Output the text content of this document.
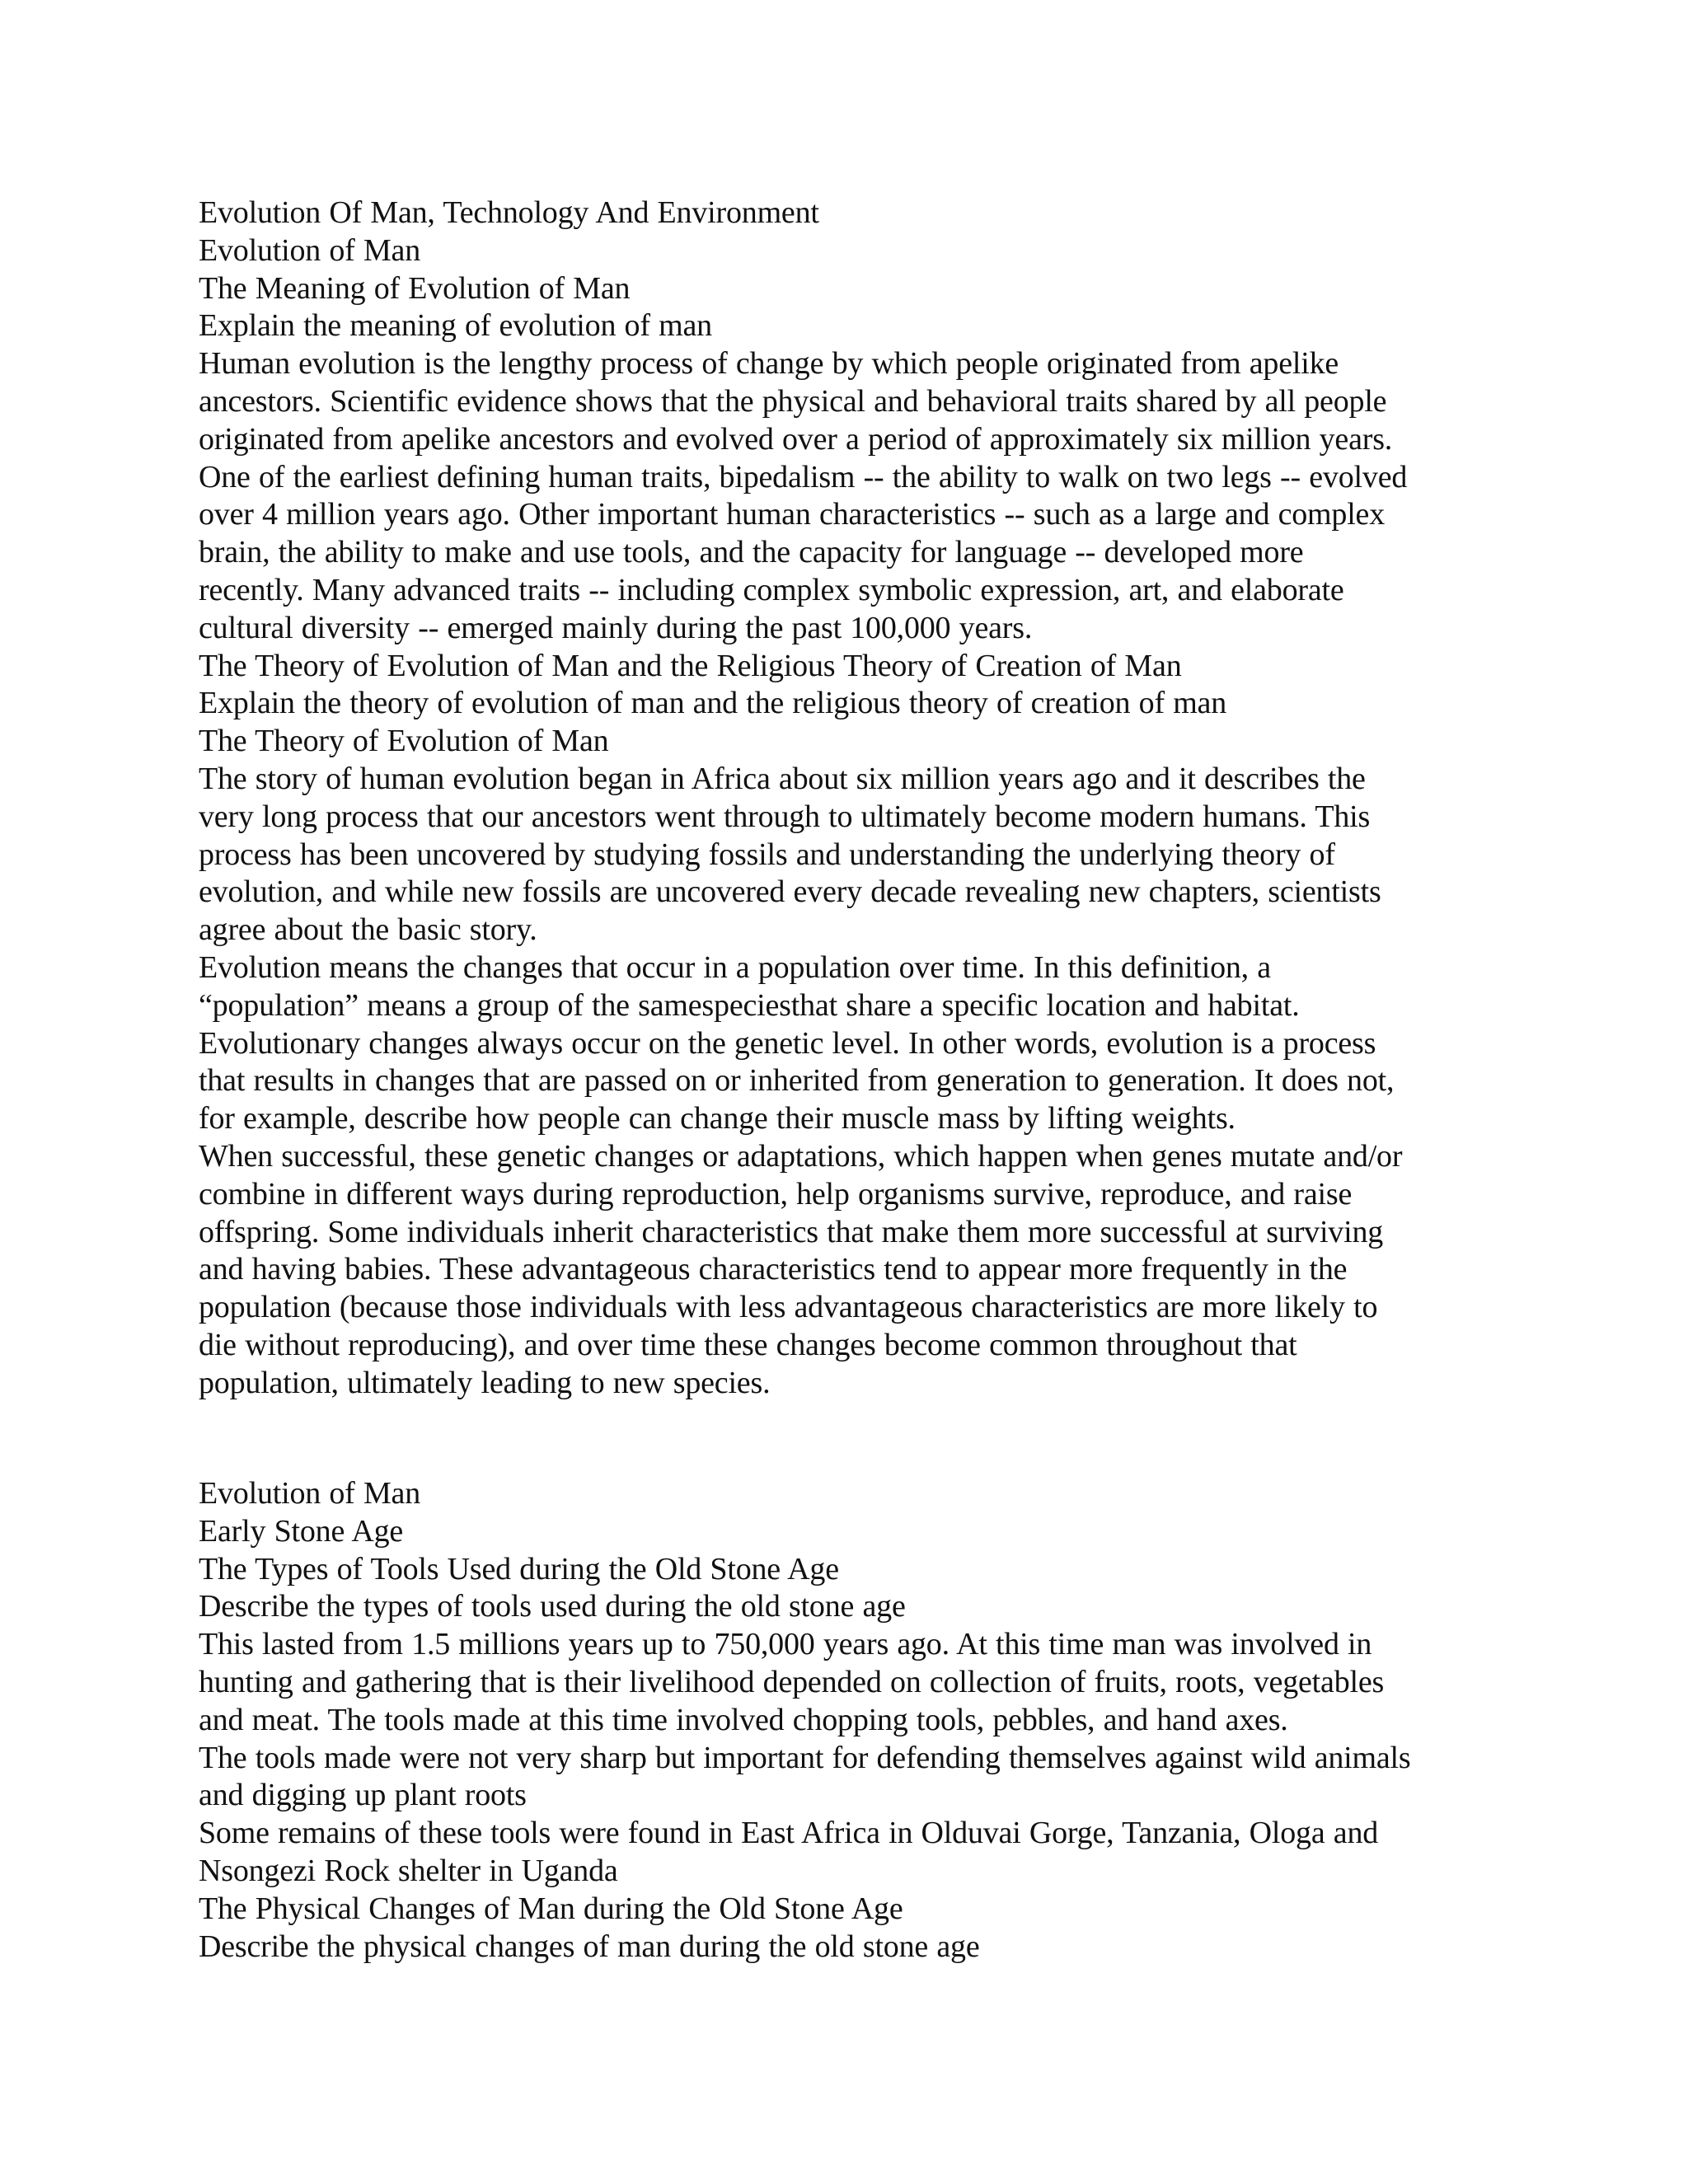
Evolution Of Man, Technology And Environment
Evolution of Man
The Meaning of Evolution of Man
Explain the meaning of evolution of man
Human evolution is the lengthy process of change by which people originated from apelike
ancestors. Scientific evidence shows that the physical and behavioral traits shared by all people
originated from apelike ancestors and evolved over a period of approximately six million years.
One of the earliest defining human traits, bipedalism -- the ability to walk on two legs -- evolved
over 4 million years ago. Other important human characteristics -- such as a large and complex
brain, the ability to make and use tools, and the capacity for language -- developed more
recently. Many advanced traits -- including complex symbolic expression, art, and elaborate
cultural diversity -- emerged mainly during the past 100,000 years.
The Theory of Evolution of Man and the Religious Theory of Creation of Man
Explain the theory of evolution of man and the religious theory of creation of man
The Theory of Evolution of Man
The story of human evolution began in Africa about six million years ago and it describes the
very long process that our ancestors went through to ultimately become modern humans. This
process has been uncovered by studying fossils and understanding the underlying theory of
evolution, and while new fossils are uncovered every decade revealing new chapters, scientists
agree about the basic story.
Evolution means the changes that occur in a population over time. In this definition, a
“population” means a group of the samespeciesthat share a specific location and habitat.
Evolutionary changes always occur on the genetic level. In other words, evolution is a process
that results in changes that are passed on or inherited from generation to generation. It does not,
for example, describe how people can change their muscle mass by lifting weights.
When successful, these genetic changes or adaptations, which happen when genes mutate and/or
combine in different ways during reproduction, help organisms survive, reproduce, and raise
offspring. Some individuals inherit characteristics that make them more successful at surviving
and having babies. These advantageous characteristics tend to appear more frequently in the
population (because those individuals with less advantageous characteristics are more likely to
die without reproducing), and over time these changes become common throughout that
population, ultimately leading to new species.
Evolution of Man
Early Stone Age
The Types of Tools Used during the Old Stone Age
Describe the types of tools used during the old stone age
This lasted from 1.5 millions years up to 750,000 years ago. At this time man was involved in
hunting and gathering that is their livelihood depended on collection of fruits, roots, vegetables
and meat. The tools made at this time involved chopping tools, pebbles, and hand axes.
The tools made were not very sharp but important for defending themselves against wild animals
and digging up plant roots
Some remains of these tools were found in East Africa in Olduvai Gorge, Tanzania, Ologa and
Nsongezi Rock shelter in Uganda
The Physical Changes of Man during the Old Stone Age
Describe the physical changes of man during the old stone age
